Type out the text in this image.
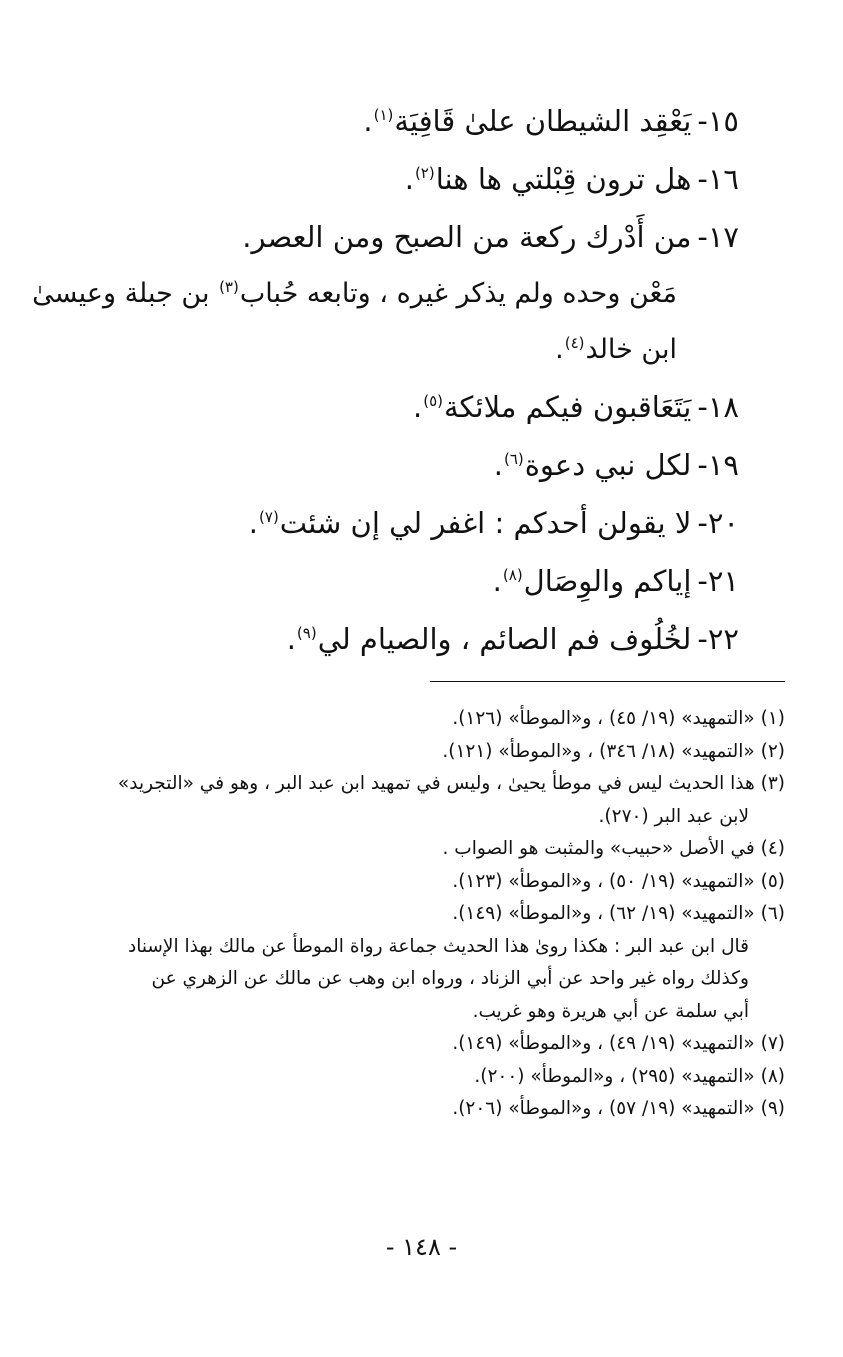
١٥-يَعْقِد الشيطان علىٰ قَافِيَة$^{(١)}$.
١٦-هل ترون قِبْلتي ها هنا$^{(٢)}$.
١٧-من أَدْرك ركعة من الصبح ومن العصر.
مَعْن وحده ولم يذكر غيره ، وتابعه حُباب$^{(٣)}$ بن جبلة وعيسىٰ
ابن خالد$^{(٤)}$.
١٨-يَتَعَاقبون فيكم ملائكة$^{(٥)}$.
١٩-لكل نبي دعوة$^{(٦)}$.
٢٠-لا يقولن أحدكم : اغفر لي إن شئت$^{(٧)}$.
٢١-إياكم والوِصَال$^{(٨)}$.
٢٢-لخُلُوف فم الصائم ، والصيام لي$^{(٩)}$.
(١) «التمهيد» (١٩/ ٤٥) ، و«الموطأ» (١٢٦).
(٢) «التمهيد» (١٨/ ٣٤٦) ، و«الموطأ» (١٢١).
(٣) هذا الحديث ليس في موطأ يحيىٰ ، وليس في تمهيد ابن عبد البر ، وهو في «التجريد»
لابن عبد البر (٢٧٠).
(٤) في الأصل «حبيب» والمثبت هو الصواب .
(٥) «التمهيد» (١٩/ ٥٠) ، و«الموطأ» (١٢٣).
(٦) «التمهيد» (١٩/ ٦٢) ، و«الموطأ» (١٤٩).
قال ابن عبد البر : هكذا روىٰ هذا الحديث جماعة رواة الموطأ عن مالك بهذا الإسناد
وكذلك رواه غير واحد عن أبي الزناد ، ورواه ابن وهب عن مالك عن الزهري عن
أبي سلمة عن أبي هريرة وهو غريب.
(٧) «التمهيد» (١٩/ ٤٩) ، و«الموطأ» (١٤٩).
(٨) «التمهيد» (٢٩٥) ، و«الموطأ» (٢٠٠).
(٩) «التمهيد» (١٩/ ٥٧) ، و«الموطأ» (٢٠٦).
- ١٤٨ -
